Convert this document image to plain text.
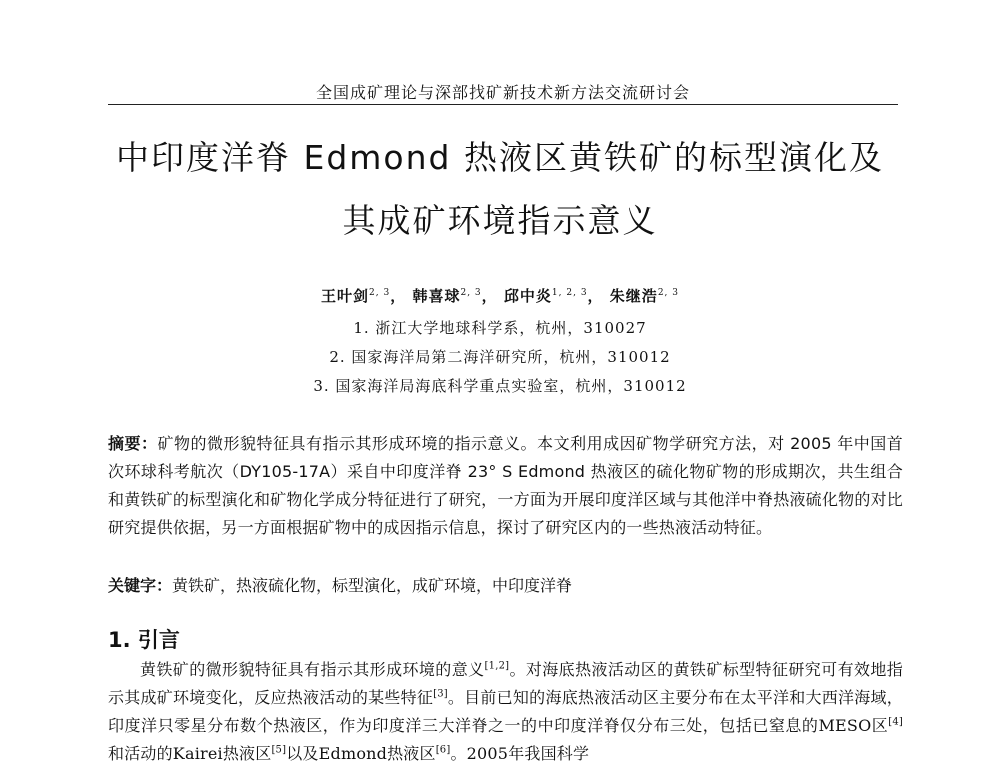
全国成矿理论与深部找矿新技术新方法交流研讨会
中印度洋脊 Edmond 热液区黄铁矿的标型演化及
其成矿环境指示意义
王叶剑$^{2, 3}$， 韩喜球$^{2, 3}$， 邱中炎$^{1, 2, 3}$， 朱继浩$^{2, 3}$
1. 浙江大学地球科学系，杭州，310027
2. 国家海洋局第二海洋研究所，杭州，310012
3. 国家海洋局海底科学重点实验室，杭州，310012
摘要：矿物的微形貌特征具有指示其形成环境的指示意义。本文利用成因矿物学研究方法，对 2005 年中国首次环球科考航次（DY105-17A）采自中印度洋脊 23° S Edmond 热液区的硫化物矿物的形成期次，共生组合和黄铁矿的标型演化和矿物化学成分特征进行了研究，一方面为开展印度洋区域与其他洋中脊热液硫化物的对比研究提供依据，另一方面根据矿物中的成因指示信息，探讨了研究区内的一些热液活动特征。
关键字：黄铁矿，热液硫化物，标型演化，成矿环境，中印度洋脊
1. 引言
黄铁矿的微形貌特征具有指示其形成环境的意义[1,2]。对海底热液活动区的黄铁矿标型特征研究可有效地指示其成矿环境变化，反应热液活动的某些特征[3]。目前已知的海底热液活动区主要分布在太平洋和大西洋海域，印度洋只零星分布数个热液区，作为印度洋三大洋脊之一的中印度洋脊仅分布三处，包括已窒息的MESO区[4]和活动的Kairei热液区[5]以及Edmond热液区[6]。2005年我国科学
